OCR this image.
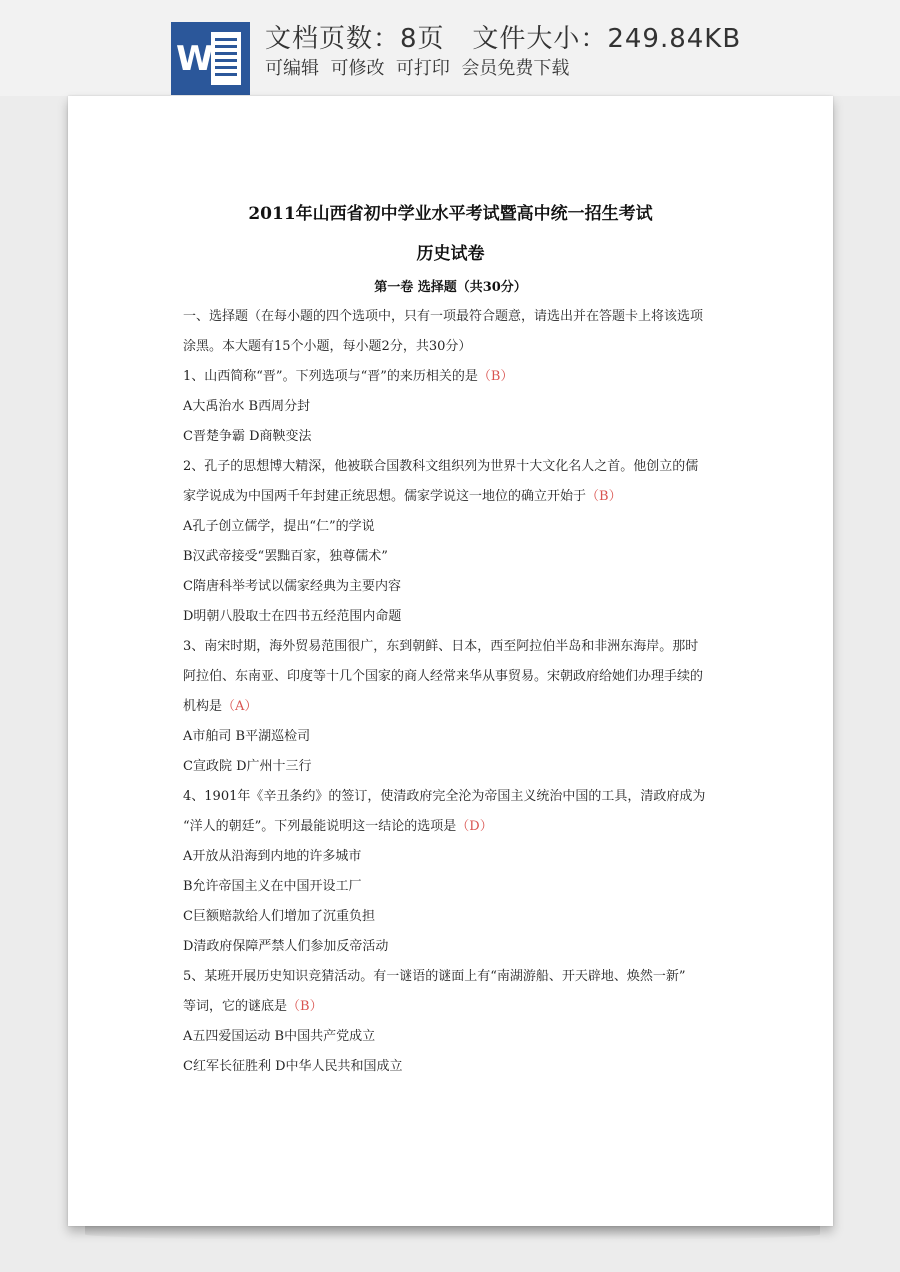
W 文档页数：8页   文件大小：249.84KB
可编辑  可修改  可打印  会员免费下载
2011年山西省初中学业水平考试暨高中统一招生考试
历史试卷
第一卷 选择题（共30分）
一、选择题（在每小题的四个选项中，只有一项最符合题意，请选出并在答题卡上将该选项
涂黑。本大题有15个小题，每小题2分，共30分）
1、山西简称“晋”。下列选项与“晋”的来历相关的是（B）
A大禹治水 B西周分封
C晋楚争霸 D商鞅变法
2、孔子的思想博大精深，他被联合国教科文组织列为世界十大文化名人之首。他创立的儒
家学说成为中国两千年封建正统思想。儒家学说这一地位的确立开始于（B）
A孔子创立儒学，提出“仁”的学说
B汉武帝接受“罢黜百家，独尊儒术”
C隋唐科举考试以儒家经典为主要内容
D明朝八股取士在四书五经范围内命题
3、南宋时期，海外贸易范围很广，东到朝鲜、日本，西至阿拉伯半岛和非洲东海岸。那时
阿拉伯、东南亚、印度等十几个国家的商人经常来华从事贸易。宋朝政府给她们办理手续的
机构是（A）
A市舶司 B平湖巡检司
C宣政院 D广州十三行
4、1901年《辛丑条约》的签订，使清政府完全沦为帝国主义统治中国的工具，清政府成为
“洋人的朝廷”。下列最能说明这一结论的选项是（D）
A开放从沿海到内地的许多城市
B允许帝国主义在中国开设工厂
C巨额赔款给人们增加了沉重负担
D清政府保障严禁人们参加反帝活动
5、某班开展历史知识竞猜活动。有一谜语的谜面上有“南湖游船、开天辟地、焕然一新”
等词，它的谜底是（B）
A五四爱国运动 B中国共产党成立
C红军长征胜利 D中华人民共和国成立
